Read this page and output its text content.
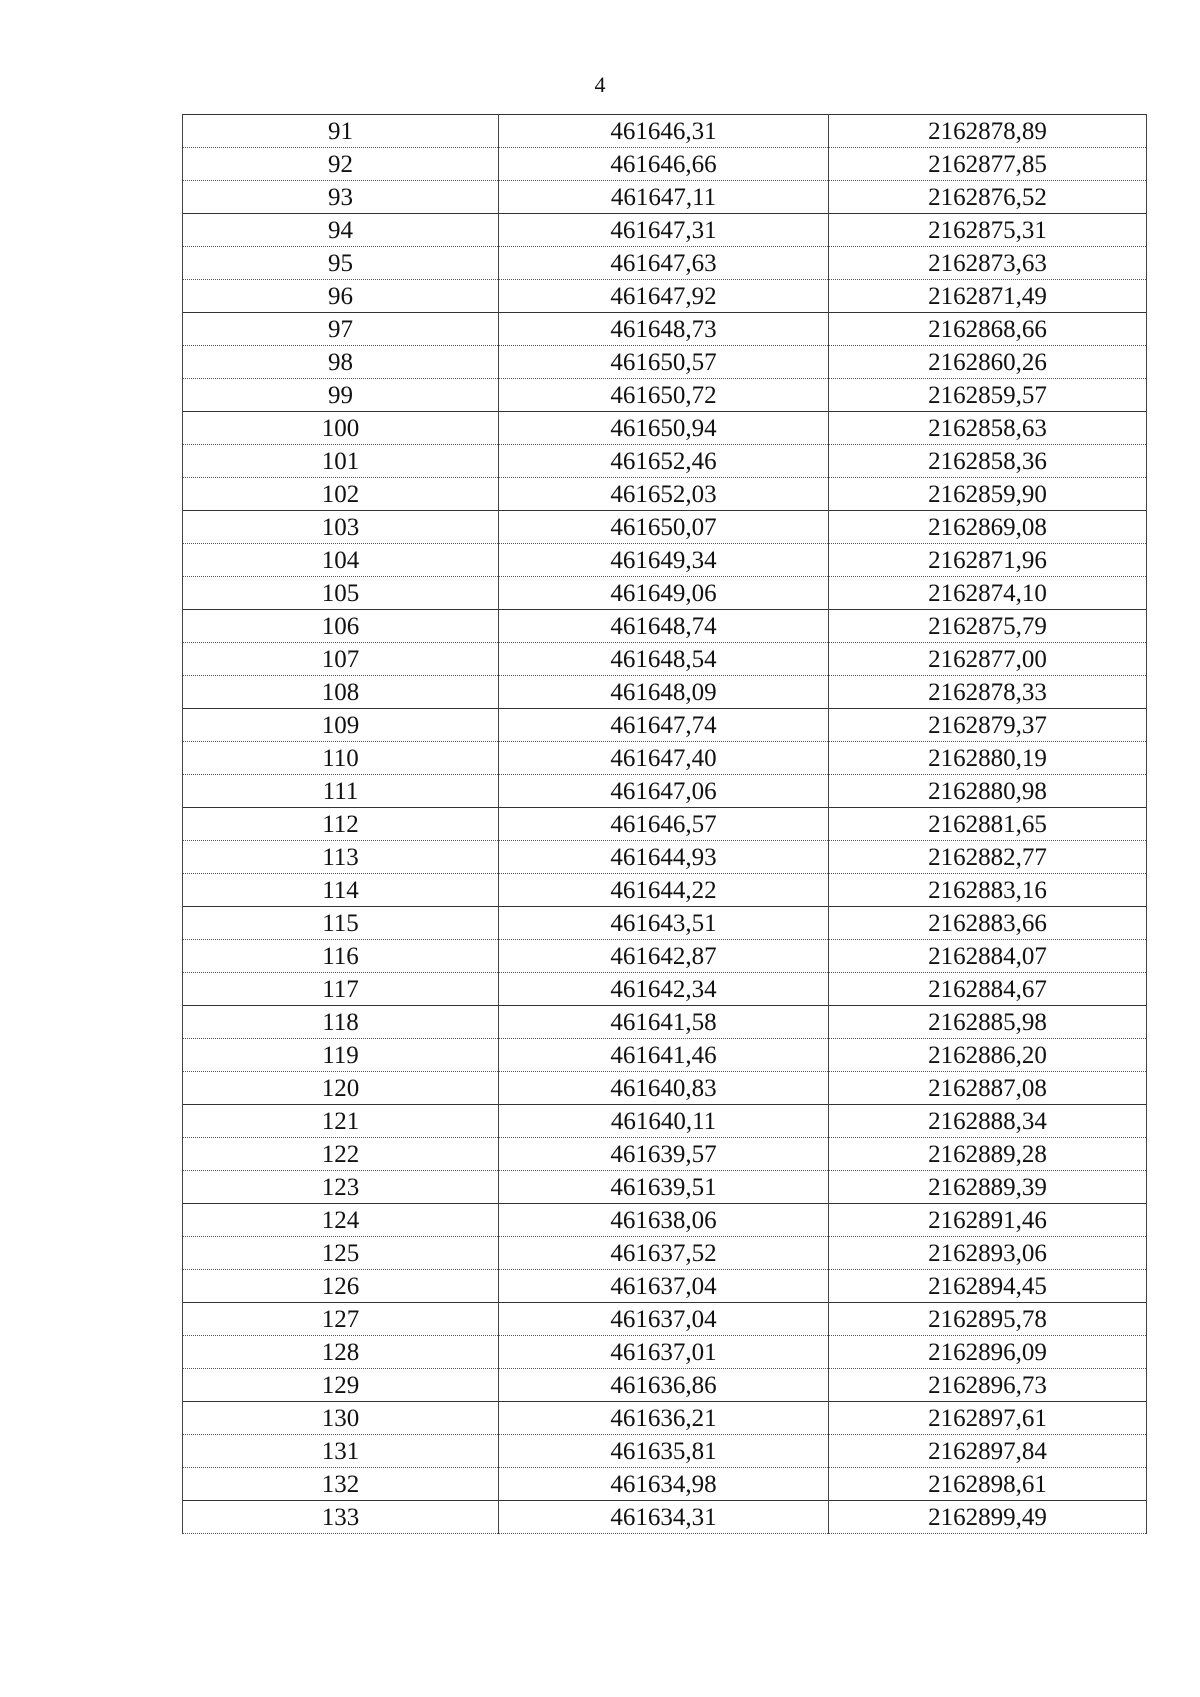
4
91	461646,31	2162878,89
92	461646,66	2162877,85
93	461647,11	2162876,52
94	461647,31	2162875,31
95	461647,63	2162873,63
96	461647,92	2162871,49
97	461648,73	2162868,66
98	461650,57	2162860,26
99	461650,72	2162859,57
100	461650,94	2162858,63
101	461652,46	2162858,36
102	461652,03	2162859,90
103	461650,07	2162869,08
104	461649,34	2162871,96
105	461649,06	2162874,10
106	461648,74	2162875,79
107	461648,54	2162877,00
108	461648,09	2162878,33
109	461647,74	2162879,37
110	461647,40	2162880,19
111	461647,06	2162880,98
112	461646,57	2162881,65
113	461644,93	2162882,77
114	461644,22	2162883,16
115	461643,51	2162883,66
116	461642,87	2162884,07
117	461642,34	2162884,67
118	461641,58	2162885,98
119	461641,46	2162886,20
120	461640,83	2162887,08
121	461640,11	2162888,34
122	461639,57	2162889,28
123	461639,51	2162889,39
124	461638,06	2162891,46
125	461637,52	2162893,06
126	461637,04	2162894,45
127	461637,04	2162895,78
128	461637,01	2162896,09
129	461636,86	2162896,73
130	461636,21	2162897,61
131	461635,81	2162897,84
132	461634,98	2162898,61
133	461634,31	2162899,49
